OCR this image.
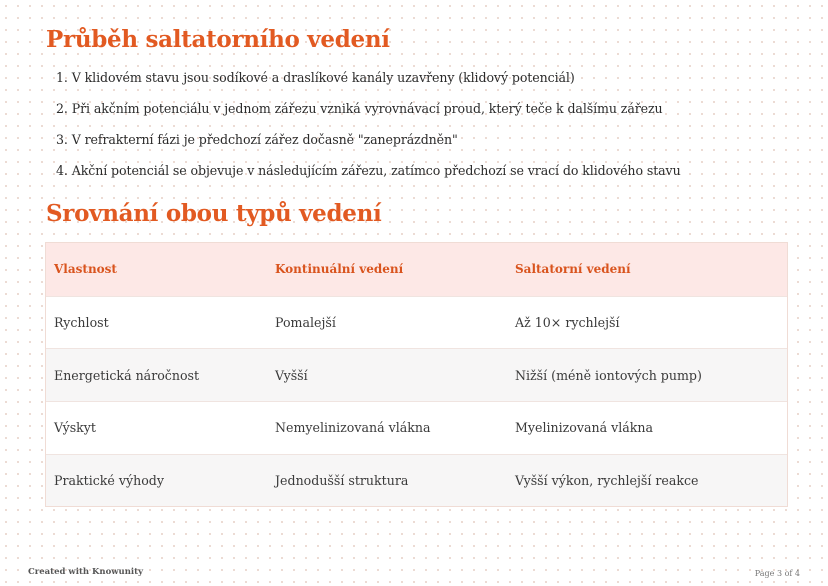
Průběh saltatorního vedení
1. V klidovém stavu jsou sodíkové a draslíkové kanály uzavřeny (klidový potenciál)
2. Při akčním potenciálu v jednom zářezu vzniká vyrovnávací proud, který teče k dalšímu zářezu
3. V refrakterní fázi je předchozí zářez dočasně "zaneprázdněn"
4. Akční potenciál se objevuje v následujícím zářezu, zatímco předchozí se vrací do klidového stavu
Srovnání obou typů vedení
Vlastnost	Kontinuální vedení	Saltatorní vedení
Rychlost	Pomalejší	Až 10× rychlejší
Energetická náročnost	Vyšší	Nižší (méně iontových pump)
Výskyt	Nemyelinizovaná vlákna	Myelinizovaná vlákna
Praktické výhody	Jednodušší struktura	Vyšší výkon, rychlejší reakce
Created with Knowunity	Page 3 of 4
